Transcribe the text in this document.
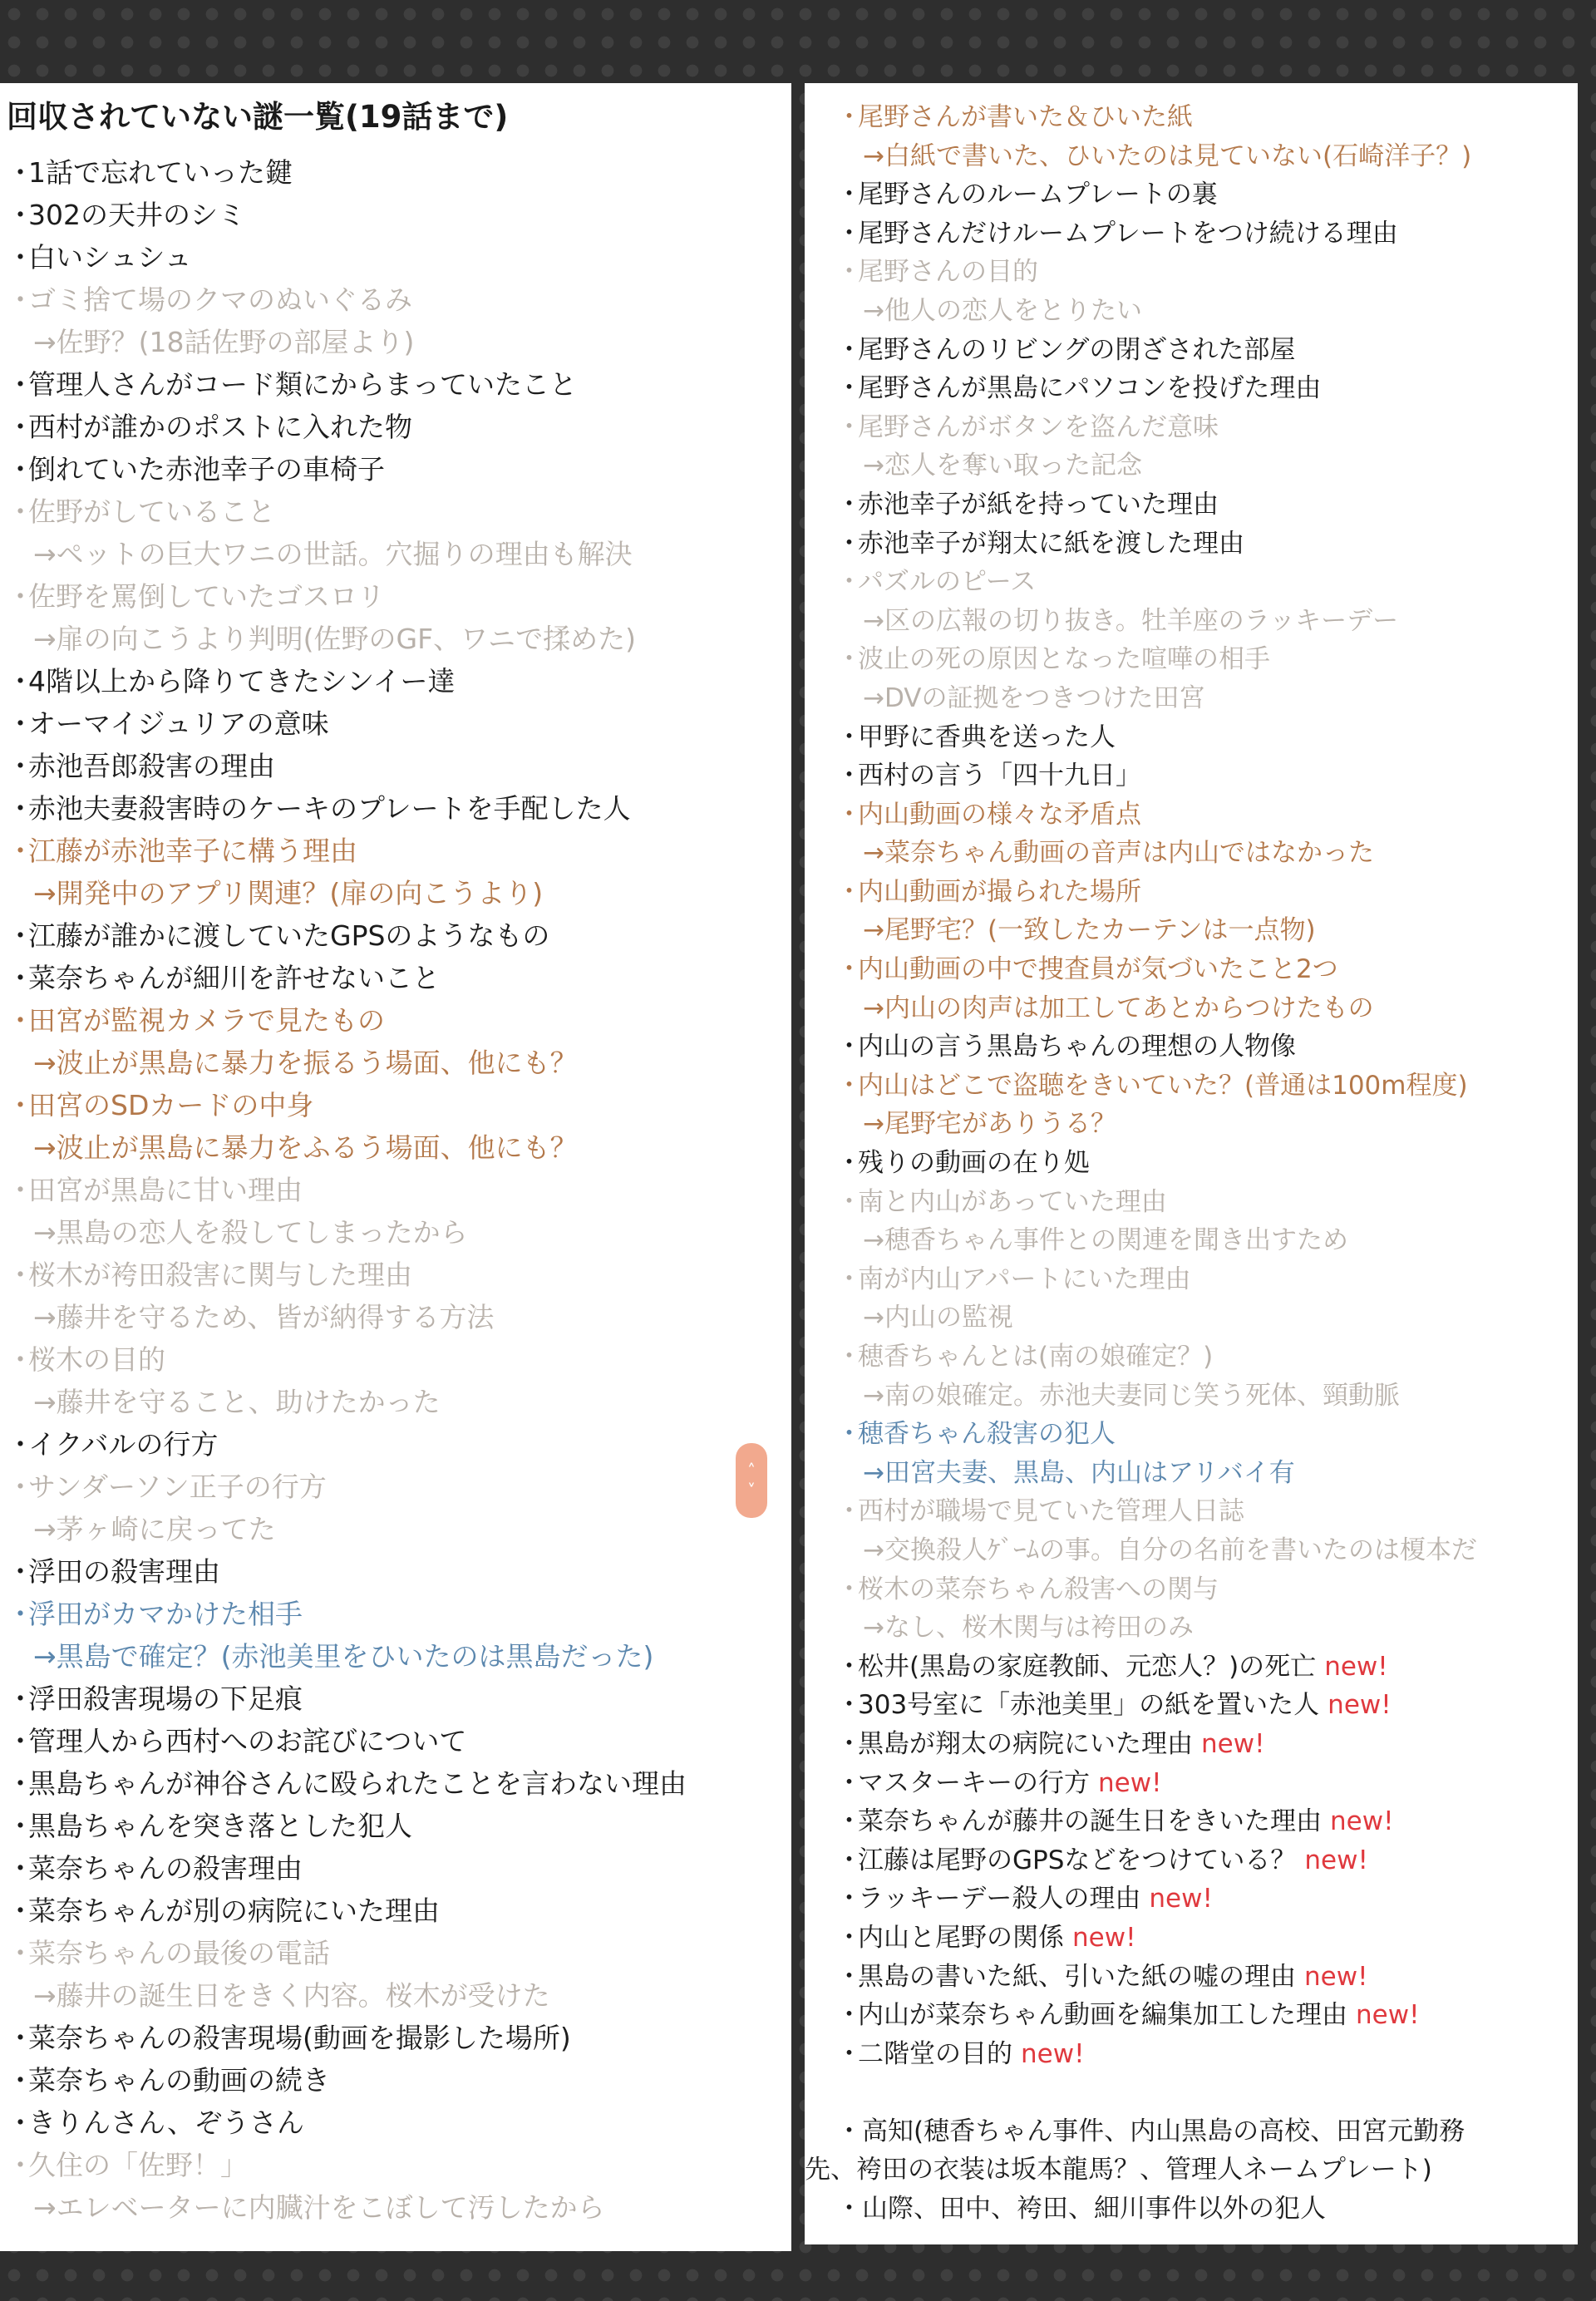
回収されていない謎一覧(19話まで)
・1話で忘れていった鍵
・302の天井のシミ
・白いシュシュ
・ゴミ捨て場のクマのぬいぐるみ
→佐野？(18話佐野の部屋より)
・管理人さんがコード類にからまっていたこと
・西村が誰かのポストに入れた物
・倒れていた赤池幸子の車椅子
・佐野がしていること
→ペットの巨大ワニの世話。穴掘りの理由も解決
・佐野を罵倒していたゴスロリ
→扉の向こうより判明(佐野のGF、ワニで揉めた)
・4階以上から降りてきたシンイー達
・オーマイジュリアの意味
・赤池吾郎殺害の理由
・赤池夫妻殺害時のケーキのプレートを手配した人
・江藤が赤池幸子に構う理由
→開発中のアプリ関連？(扉の向こうより)
・江藤が誰かに渡していたGPSのようなもの
・菜奈ちゃんが細川を許せないこと
・田宮が監視カメラで見たもの
→波止が黒島に暴力を振るう場面、他にも？
・田宮のSDカードの中身
→波止が黒島に暴力をふるう場面、他にも？
・田宮が黒島に甘い理由
→黒島の恋人を殺してしまったから
・桜木が袴田殺害に関与した理由
→藤井を守るため、皆が納得する方法
・桜木の目的
→藤井を守ること、助けたかった
・イクバルの行方
・サンダーソン正子の行方
→茅ヶ崎に戻ってた
・浮田の殺害理由
・浮田がカマかけた相手
→黒島で確定？(赤池美里をひいたのは黒島だった)
・浮田殺害現場の下足痕
・管理人から西村へのお詫びについて
・黒島ちゃんが神谷さんに殴られたことを言わない理由
・黒島ちゃんを突き落とした犯人
・菜奈ちゃんの殺害理由
・菜奈ちゃんが別の病院にいた理由
・菜奈ちゃんの最後の電話
→藤井の誕生日をきく内容。桜木が受けた
・菜奈ちゃんの殺害現場(動画を撮影した場所)
・菜奈ちゃんの動画の続き
・きりんさん、ぞうさん
・久住の「佐野！」
→エレベーターに内臓汁をこぼして汚したから
・尾野さんが書いた＆ひいた紙
→白紙で書いた、ひいたのは見ていない(石崎洋子？)
・尾野さんのルームプレートの裏
・尾野さんだけルームプレートをつけ続ける理由
・尾野さんの目的
→他人の恋人をとりたい
・尾野さんのリビングの閉ざされた部屋
・尾野さんが黒島にパソコンを投げた理由
・尾野さんがボタンを盗んだ意味
→恋人を奪い取った記念
・赤池幸子が紙を持っていた理由
・赤池幸子が翔太に紙を渡した理由
・パズルのピース
→区の広報の切り抜き。牡羊座のラッキーデー
・波止の死の原因となった喧嘩の相手
→DVの証拠をつきつけた田宮
・甲野に香典を送った人
・西村の言う「四十九日」
・内山動画の様々な矛盾点
→菜奈ちゃん動画の音声は内山ではなかった
・内山動画が撮られた場所
→尾野宅？(一致したカーテンは一点物)
・内山動画の中で捜査員が気づいたこと2つ
→内山の肉声は加工してあとからつけたもの
・内山の言う黒島ちゃんの理想の人物像
・内山はどこで盗聴をきいていた？(普通は100m程度)
→尾野宅がありうる？
・残りの動画の在り処
・南と内山があっていた理由
→穂香ちゃん事件との関連を聞き出すため
・南が内山アパートにいた理由
→内山の監視
・穂香ちゃんとは(南の娘確定？)
→南の娘確定。赤池夫妻同じ笑う死体、頸動脈
・穂香ちゃん殺害の犯人
→田宮夫妻、黒島、内山はアリバイ有
・西村が職場で見ていた管理人日誌
→交換殺人ｹﾞｰﾑの事。自分の名前を書いたのは榎本だ
・桜木の菜奈ちゃん殺害への関与
→なし、桜木関与は袴田のみ
・松井(黒島の家庭教師、元恋人？)の死亡 new!
・303号室に「赤池美里」の紙を置いた人 new!
・黒島が翔太の病院にいた理由 new!
・マスターキーの行方 new!
・菜奈ちゃんが藤井の誕生日をきいた理由 new!
・江藤は尾野のGPSなどをつけている？ new!
・ラッキーデー殺人の理由 new!
・内山と尾野の関係 new!
・黒島の書いた紙、引いた紙の嘘の理由 new!
・内山が菜奈ちゃん動画を編集加工した理由 new!
・二階堂の目的 new!
・高知(穂香ちゃん事件、内山黒島の高校、田宮元勤務
先、袴田の衣装は坂本龍馬？、管理人ネームプレート)
・山際、田中、袴田、細川事件以外の犯人
˄
˅
